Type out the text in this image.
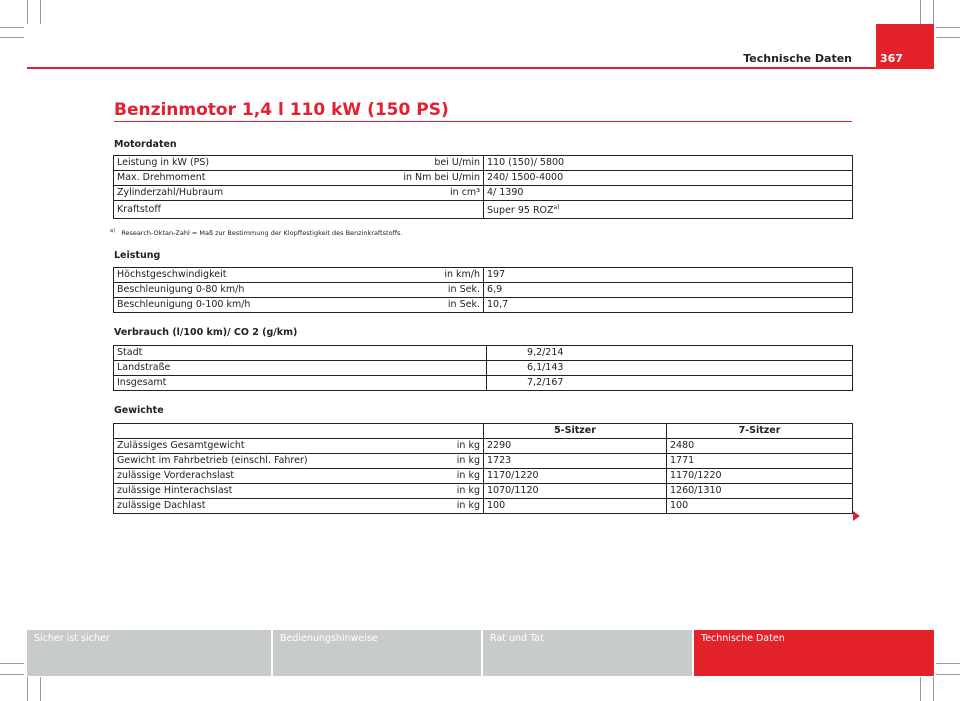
Technische Daten	367
Benzinmotor 1,4 l 110 kW (150 PS)
Motordaten
Leistung in kW (PS)	bei U/min	110 (150)/ 5800
Max. Drehmoment	in Nm bei U/min	240/ 1500-4000
Zylinderzahl/Hubraum	in cm³	4/ 1390
Kraftstoff		Super 95 ROZ$^{a)}$
$^{a)}$ Research-Oktan-Zahl = Maß zur Bestimmung der Klopffestigkeit des Benzinkraftstoffs.
Leistung
Höchstgeschwindigkeit	in km/h	197
Beschleunigung 0-80 km/h	in Sek.	6,9
Beschleunigung 0-100 km/h	in Sek.	10,7
Verbrauch (l/100 km)/ CO 2 (g/km)
Stadt	9,2/214
Landstraße	6,1/143
Insgesamt	7,2/167
Gewichte
		5-Sitzer	7-Sitzer
Zulässiges Gesamtgewicht	in kg	2290	2480
Gewicht im Fahrbetrieb (einschl. Fahrer)	in kg	1723	1771
zulässige Vorderachslast	in kg	1170/1220	1170/1220
zulässige Hinterachslast	in kg	1070/1120	1260/1310
zulässige Dachlast	in kg	100	100
Sicher ist sicher	Bedienungshinweise	Rat und Tat	Technische Daten
